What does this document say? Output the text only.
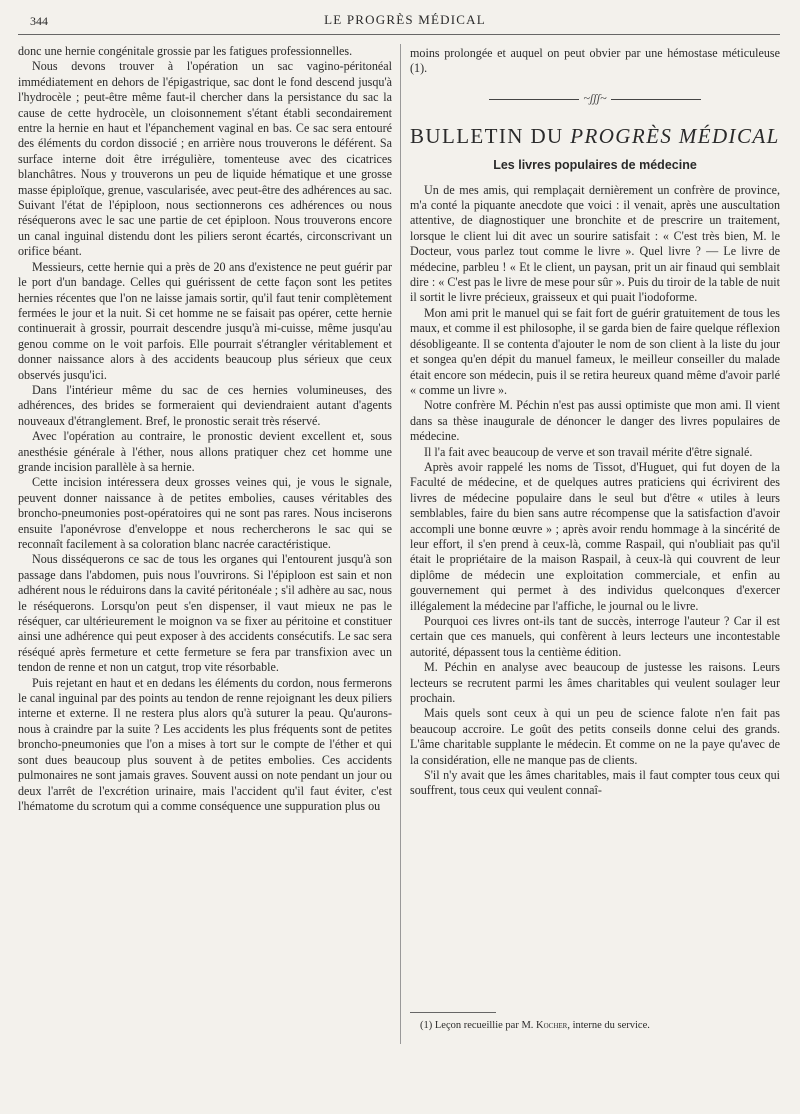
344	LE PROGRÈS MÉDICAL

donc une hernie congénitale grossie par les fatigues professionnelles.

Nous devons trouver à l'opération un sac vagino-péritonéal immédiatement en dehors de l'épigastrique, sac dont le fond descend jusqu'à l'hydrocèle ; peut-être même faut-il chercher dans la persistance du sac la cause de cette hydrocèle, un cloisonnement s'étant établi secondairement entre la hernie en haut et l'épanchement vaginal en bas. Ce sac sera entouré des éléments du cordon dissocié ; en arrière nous trouverons le déférent. Sa surface interne doit être irrégulière, tomenteuse avec des cicatrices blanchâtres. Nous y trouverons un peu de liquide hématique et une grosse masse épiploïque, grenue, vascularisée, avec peut-être des adhérences au sac. Suivant l'état de l'épiploon, nous sectionnerons ces adhérences ou nous réséquerons avec le sac une partie de cet épiploon. Nous trouverons encore un canal inguinal distendu dont les piliers seront écartés, circonscrivant un orifice béant.

Messieurs, cette hernie qui a près de 20 ans d'existence ne peut guérir par le port d'un bandage. Celles qui guérissent de cette façon sont les petites hernies récentes que l'on ne laisse jamais sortir, qu'il faut tenir complètement fermées le jour et la nuit. Si cet homme ne se faisait pas opérer, cette hernie continuerait à grossir, pourrait descendre jusqu'à mi-cuisse, même jusqu'au genou comme on le voit parfois. Elle pourrait s'étrangler véritablement et donner naissance alors à des accidents beaucoup plus sérieux que ceux observés jusqu'ici.

Dans l'intérieur même du sac de ces hernies volumineuses, des adhérences, des brides se formeraient qui deviendraient autant d'agents nouveaux d'étranglement. Bref, le pronostic serait très réservé.

Avec l'opération au contraire, le pronostic devient excellent et, sous anesthésie générale à l'éther, nous allons pratiquer chez cet homme une grande incision parallèle à sa hernie.

Cette incision intéressera deux grosses veines qui, je vous le signale, peuvent donner naissance à de petites embolies, causes véritables des broncho-pneumonies post-opératoires qui ne sont pas rares. Nous inciserons ensuite l'aponévrose d'enveloppe et nous rechercherons le sac qui se reconnaît facilement à sa coloration blanc nacrée caractéristique.

Nous disséquerons ce sac de tous les organes qui l'entourent jusqu'à son passage dans l'abdomen, puis nous l'ouvrirons. Si l'épiploon est sain et non adhérent nous le réduirons dans la cavité péritonéale ; s'il adhère au sac, nous le réséquerons. Lorsqu'on peut s'en dispenser, il vaut mieux ne pas le réséquer, car ultérieurement le moignon va se fixer au péritoine et constituer ainsi une adhérence qui peut exposer à des accidents consécutifs. Le sac sera réséqué après fermeture et cette fermeture se fera par transfixion avec un tendon de renne et non un catgut, trop vite résorbable.

Puis rejetant en haut et en dedans les éléments du cordon, nous fermerons le canal inguinal par des points au tendon de renne rejoignant les deux piliers interne et externe. Il ne restera plus alors qu'à suturer la peau. Qu'aurons-nous à craindre par la suite ? Les accidents les plus fréquents sont de petites broncho-pneumonies que l'on a mises à tort sur le compte de l'éther et qui sont dues beaucoup plus souvent à de petites embolies. Ces accidents pulmonaires ne sont jamais graves. Souvent aussi on note pendant un jour ou deux l'arrêt de l'excrétion urinaire, mais l'accident qu'il faut éviter, c'est l'hématome du scrotum qui a comme conséquence une suppuration plus ou

moins prolongée et auquel on peut obvier par une hémostase méticuleuse (1).

~ʃʃʃ~
BULLETIN DU PROGRÈS MÉDICAL
Les livres populaires de médecine

Un de mes amis, qui remplaçait dernièrement un confrère de province, m'a conté la piquante anecdote que voici : il venait, après une auscultation attentive, de diagnostiquer une bronchite et de prescrire un traitement, lorsque le client lui dit avec un sourire satisfait : « C'est très bien, M. le Docteur, vous parlez tout comme le livre ». Quel livre ? — Le livre de médecine, parbleu ! « Et le client, un paysan, prit un air finaud qui semblait dire : « C'est pas le livre de mese pour sûr ». Puis du tiroir de la table de nuit il sortit le livre précieux, graisseux et qui puait l'iodoforme.

Mon ami prit le manuel qui se fait fort de guérir gratuitement de tous les maux, et comme il est philosophe, il se garda bien de faire quelque réflexion désobligeante. Il se contenta d'ajouter le nom de son client à la liste du jour et songea qu'en dépit du manuel fameux, le meilleur conseiller du malade était encore son médecin, puis il se retira heureux quand même d'avoir parlé « comme un livre ».

Notre confrère M. Péchin n'est pas aussi optimiste que mon ami. Il vient dans sa thèse inaugurale de dénoncer le danger des livres populaires de médecine.

Il l'a fait avec beaucoup de verve et son travail mérite d'être signalé.

Après avoir rappelé les noms de Tissot, d'Huguet, qui fut doyen de la Faculté de médecine, et de quelques autres praticiens qui écrivirent des livres de médecine populaire dans le seul but d'être « utiles à leurs semblables, faire du bien sans autre récompense que la satisfaction d'avoir accompli une bonne œuvre » ; après avoir rendu hommage à la sincérité de leur effort, il s'en prend à ceux-là, comme Raspail, qui n'oubliait pas qu'il était le propriétaire de la maison Raspail, à ceux-là qui couvrent de leur diplôme de médecin une exploitation commerciale, et enfin au gouvernement qui permet à des individus quelconques d'exercer illégalement la médecine par l'affiche, le journal ou le livre.

Pourquoi ces livres ont-ils tant de succès, interroge l'auteur ? Car il est certain que ces manuels, qui confèrent à leurs lecteurs une incontestable autorité, dépassent tous la centième édition.

M. Péchin en analyse avec beaucoup de justesse les raisons. Leurs lecteurs se recrutent parmi les âmes charitables qui veulent soulager leur prochain.

Mais quels sont ceux à qui un peu de science falote n'en fait pas beaucoup accroire. Le goût des petits conseils donne celui des grands. L'âme charitable supplante le médecin. Et comme on ne la paye qu'avec de la considération, elle ne manque pas de clients.

S'il n'y avait que les âmes charitables, mais il faut compter tous ceux qui souffrent, tous ceux qui veulent connaî-

(1) Leçon recueillie par M. Kocher, interne du service.
